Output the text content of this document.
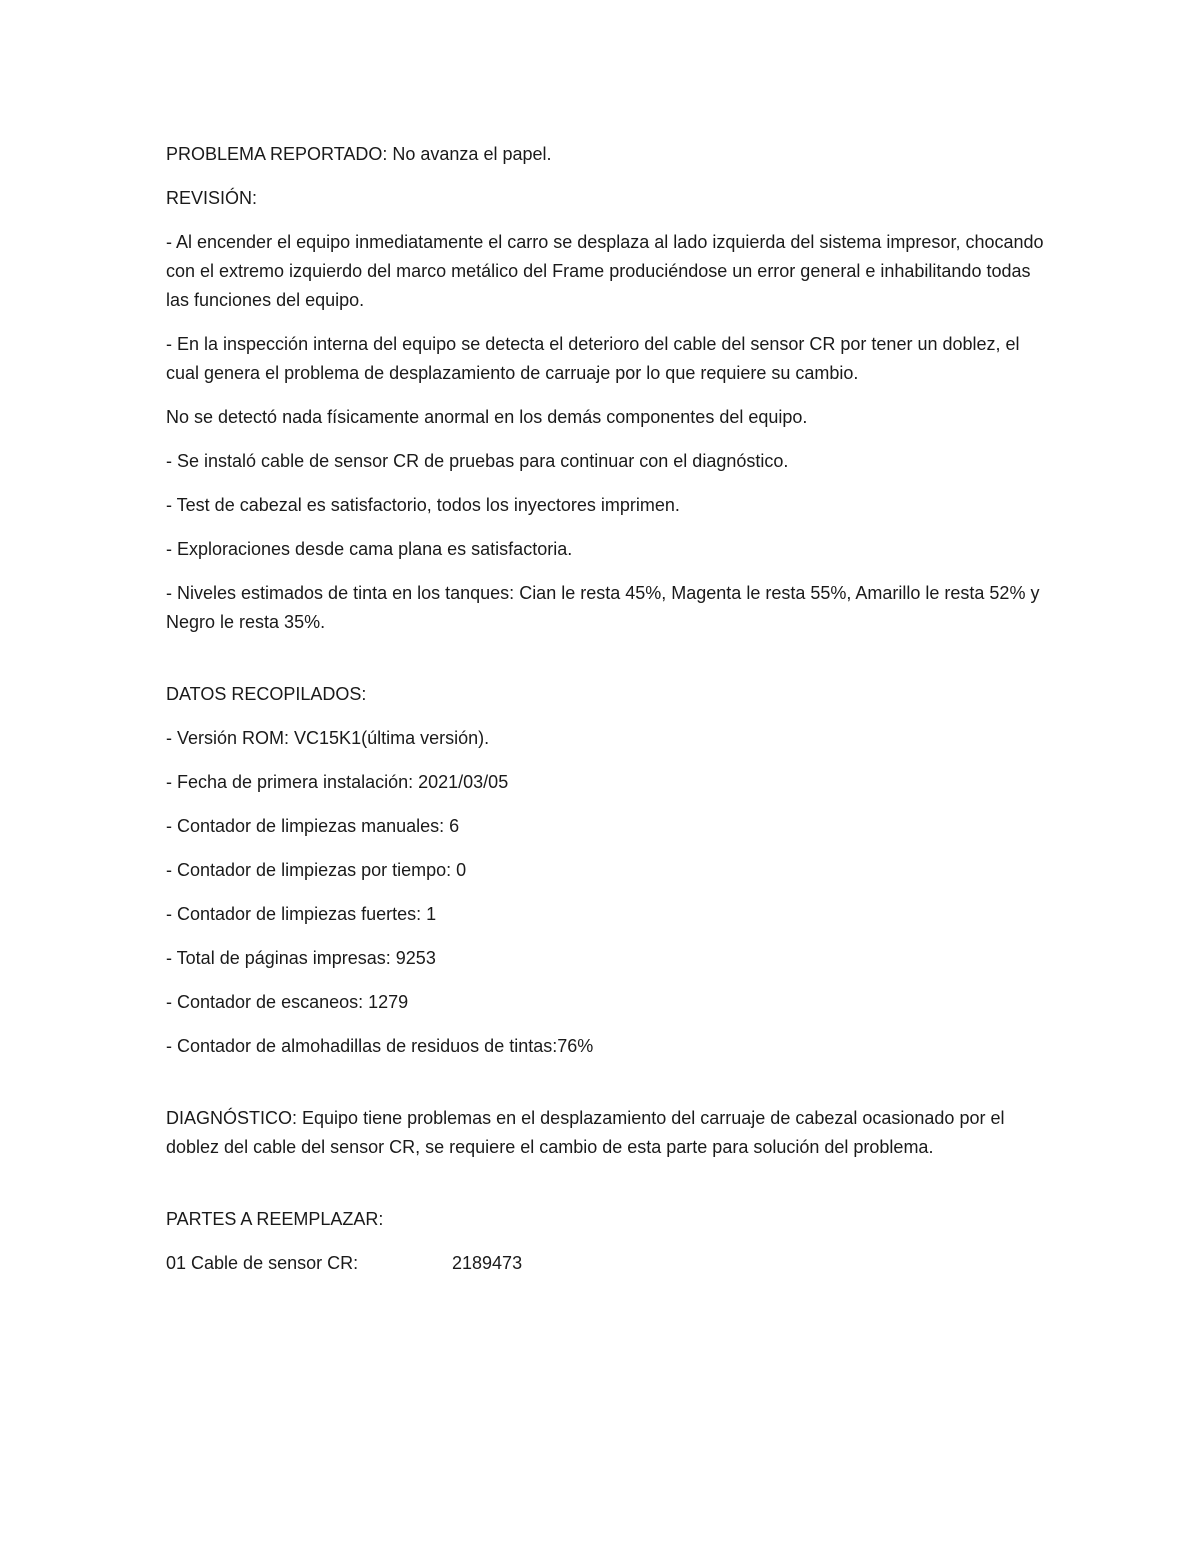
PROBLEMA REPORTADO: No avanza el papel.

REVISIÓN:

- Al encender el equipo inmediatamente el carro se desplaza al lado izquierda del sistema impresor, chocando con el extremo izquierdo del marco metálico del Frame produciéndose un error general e inhabilitando todas las funciones del equipo.

- En la inspección interna del equipo se detecta el deterioro del cable del sensor CR por tener un doblez, el cual genera el problema de desplazamiento de carruaje por lo que requiere su cambio.

No se detectó nada físicamente anormal en los demás componentes del equipo.

- Se instaló cable de sensor CR de pruebas para continuar con el diagnóstico.

- Test de cabezal es satisfactorio, todos los inyectores imprimen.

- Exploraciones desde cama plana es satisfactoria.

- Niveles estimados de tinta en los tanques: Cian le resta 45%, Magenta le resta 55%, Amarillo le resta 52% y Negro le resta 35%.

DATOS RECOPILADOS:

- Versión ROM: VC15K1(última versión).

- Fecha de primera instalación: 2021/03/05

- Contador de limpiezas manuales: 6

- Contador de limpiezas por tiempo: 0

- Contador de limpiezas fuertes: 1

- Total de páginas impresas: 9253

- Contador de escaneos: 1279

- Contador de almohadillas de residuos de tintas:76%

DIAGNÓSTICO: Equipo tiene problemas en el desplazamiento del carruaje de cabezal ocasionado por el doblez del cable del sensor CR, se requiere el cambio de esta parte para solución del problema.

PARTES A REEMPLAZAR:

01 Cable de sensor CR:	2189473
